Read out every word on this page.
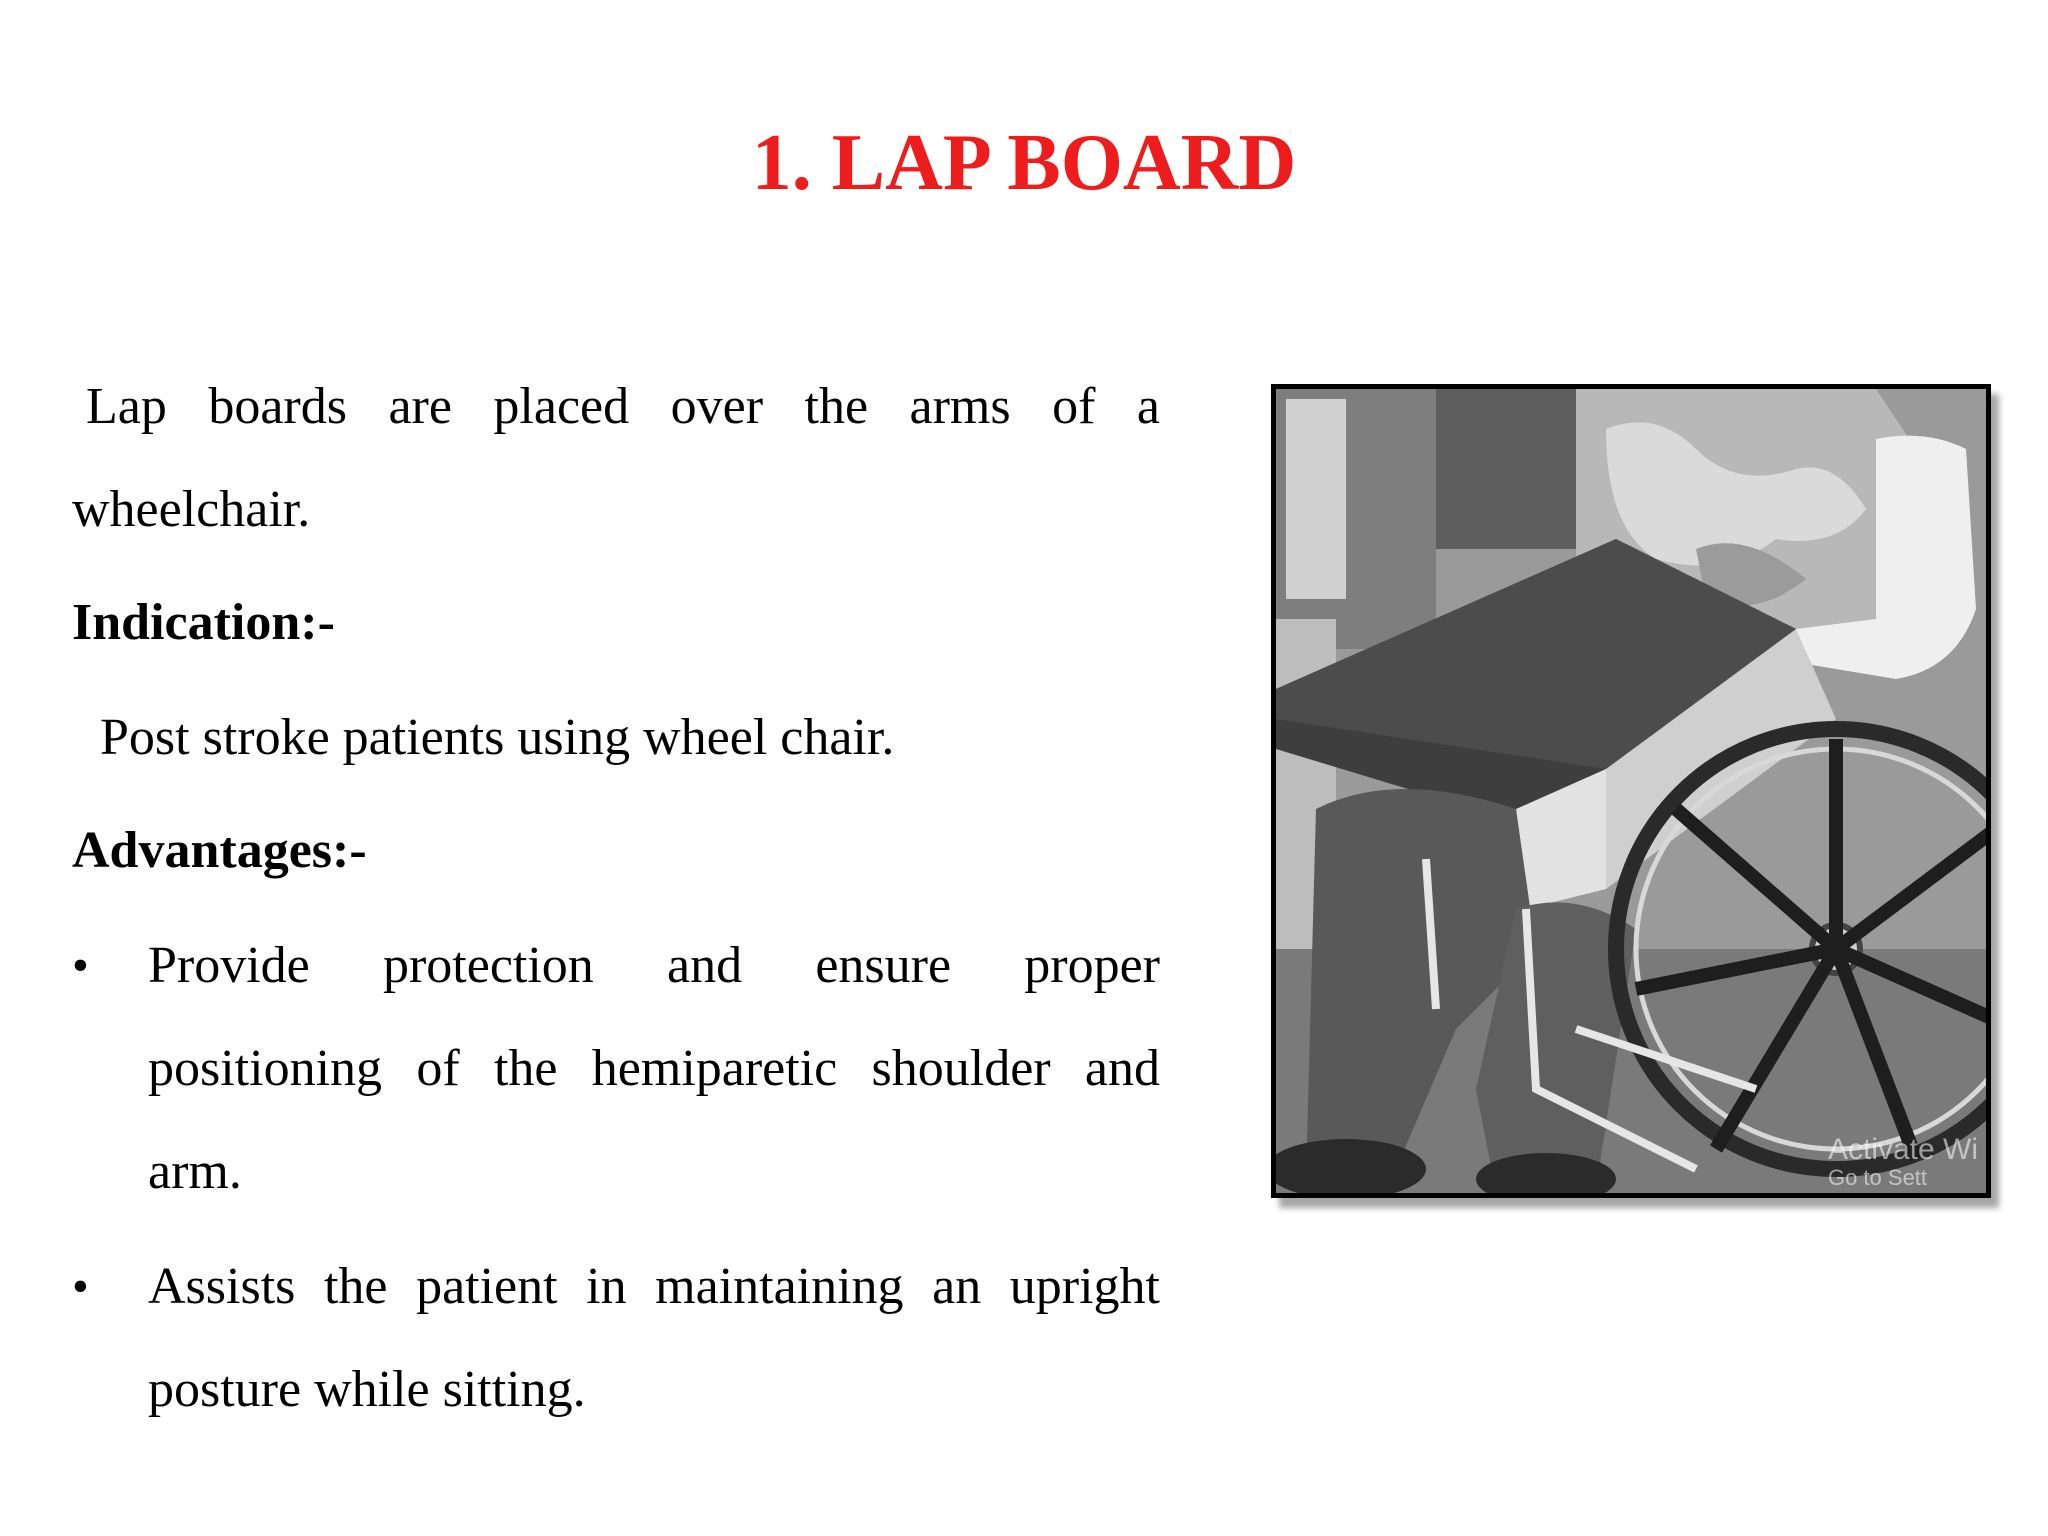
1. LAP BOARD

Lap boards are placed over the arms of a

wheelchair.

Indication:-

Post stroke patients using wheel chair.

Advantages:-

• Provide protection and ensure proper positioning of the hemiparetic shoulder and arm.
• Assists the patient in maintaining an upright posture while sitting.
Activate Wi
Go to Sett
